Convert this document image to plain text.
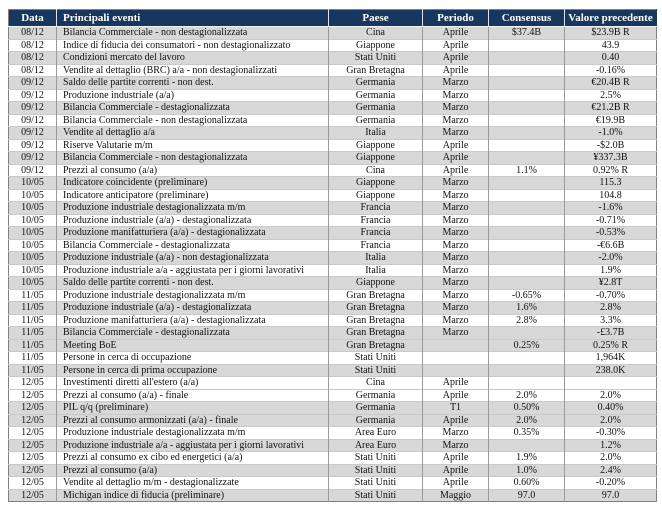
Data	Principali eventi	Paese	Periodo	Consensus	Valore precedente
08/12	Bilancia Commerciale - non destagionalizzata	Cina	Aprile	$37.4B	$23.9B R
08/12	Indice di fiducia dei consumatori - non destagionalizzato	Giappone	Aprile		43.9
08/12	Condizioni mercato del lavoro	Stati Uniti	Aprile		0.40
08/12	Vendite al dettaglio (BRC) a/a - non destagionalizzati	Gran Bretagna	Aprile		-0.16%
09/12	Saldo delle partite correnti - non dest.	Germania	Marzo		€20.4B R
09/12	Produzione industriale (a/a)	Germania	Marzo		2.5%
09/12	Bilancia Commerciale - destagionalizzata	Germania	Marzo		€21.2B R
09/12	Bilancia Commerciale - non destagionalizzata	Germania	Marzo		€19.9B
09/12	Vendite al dettaglio a/a	Italia	Marzo		-1.0%
09/12	Riserve Valutarie m/m	Giappone	Aprile		-$2.0B
09/12	Bilancia Commerciale - non destagionalizzata	Giappone	Aprile		¥337.3B
09/12	Prezzi al consumo (a/a)	Cina	Aprile	1.1%	0.92% R
10/05	Indicatore coincidente (preliminare)	Giappone	Marzo		115.3
10/05	Indicatore anticipatore (preliminare)	Giappone	Marzo		104.8
10/05	Produzione industriale destagionalizzata m/m	Francia	Marzo		-1.6%
10/05	Produzione industriale (a/a) - destagionalizzata	Francia	Marzo		-0.71%
10/05	Produzione manifatturiera (a/a) - destagionalizzata	Francia	Marzo		-0.53%
10/05	Bilancia Commerciale - destagionalizzata	Francia	Marzo		-€6.6B
10/05	Produzione industriale (a/a) - non destagionalizzata	Italia	Marzo		-2.0%
10/05	Produzione industriale a/a - aggiustata per i giorni lavorativi	Italia	Marzo		1.9%
10/05	Saldo delle partite correnti - non dest.	Giappone	Marzo		¥2.8T
11/05	Produzione industriale destagionalizzata m/m	Gran Bretagna	Marzo	-0.65%	-0.70%
11/05	Produzione industriale (a/a) - destagionalizzata	Gran Bretagna	Marzo	1.6%	2.8%
11/05	Produzione manifatturiera (a/a) - destagionalizzata	Gran Bretagna	Marzo	2.8%	3.3%
11/05	Bilancia Commerciale - destagionalizzata	Gran Bretagna	Marzo		-£3.7B
11/05	Meeting BoE	Gran Bretagna		0.25%	0.25% R
11/05	Persone in cerca di occupazione	Stati Uniti			1,964K
11/05	Persone in cerca di prima occupazione	Stati Uniti			238.0K
12/05	Investimenti diretti all'estero (a/a)	Cina	Aprile		
12/05	Prezzi al consumo (a/a) - finale	Germania	Aprile	2.0%	2.0%
12/05	PIL q/q (preliminare)	Germania	T1	0.50%	0.40%
12/05	Prezzi al consumo armonizzati (a/a) - finale	Germania	Aprile	2.0%	2.0%
12/05	Produzione industriale destagionalizzata m/m	Area Euro	Marzo	0.35%	-0.30%
12/05	Produzione industriale a/a - aggiustata per i giorni lavorativi	Area Euro	Marzo		1.2%
12/05	Prezzi al consumo ex cibo ed energetici (a/a)	Stati Uniti	Aprile	1.9%	2.0%
12/05	Prezzi al consumo (a/a)	Stati Uniti	Aprile	1.0%	2.4%
12/05	Vendite al dettaglio m/m - destagionalizzate	Stati Uniti	Aprile	0.60%	-0.20%
12/05	Michigan indice di fiducia (preliminare)	Stati Uniti	Maggio	97.0	97.0
